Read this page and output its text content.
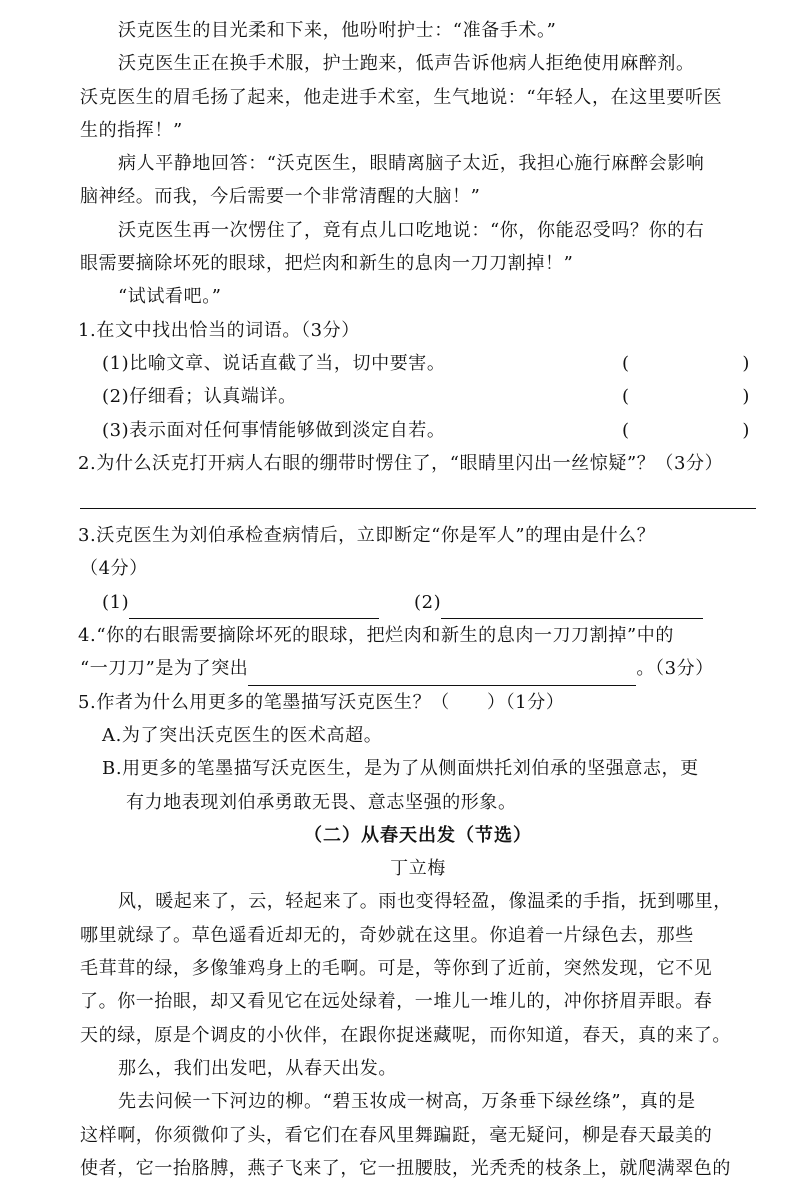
沃克医生的目光柔和下来，他吩咐护士：“准备手术。”
沃克医生正在换手术服，护士跑来，低声告诉他病人拒绝使用麻醉剂。
沃克医生的眉毛扬了起来，他走进手术室，生气地说：“年轻人，在这里要听医
生的指挥！”
病人平静地回答：“沃克医生，眼睛离脑子太近，我担心施行麻醉会影响
脑神经。而我，今后需要一个非常清醒的大脑！”
沃克医生再一次愣住了，竟有点儿口吃地说：“你，你能忍受吗？你的右
眼需要摘除坏死的眼球，把烂肉和新生的息肉一刀刀割掉！”
“试试看吧。”
1.在文中找出恰当的词语。（3分）
(1)比喻文章、说话直截了当，切中要害。	(	)
(2)仔细看；认真端详。	(	)
(3)表示面对任何事情能够做到淡定自若。	(	)
2.为什么沃克打开病人右眼的绷带时愣住了，“眼睛里闪出一丝惊疑”？（3分）
3.沃克医生为刘伯承检查病情后，立即断定“你是军人”的理由是什么？
（4分）
(1)	(2)
4.“你的右眼需要摘除坏死的眼球，把烂肉和新生的息肉一刀刀割掉”中的
“一刀刀”是为了突出	。（3分）
5.作者为什么用更多的笔墨描写沃克医生？（　　）（1分）
A.为了突出沃克医生的医术高超。
B.用更多的笔墨描写沃克医生，是为了从侧面烘托刘伯承的坚强意志，更
有力地表现刘伯承勇敢无畏、意志坚强的形象。
（二）从春天出发（节选）
丁立梅
风，暖起来了，云，轻起来了。雨也变得轻盈，像温柔的手指，抚到哪里，
哪里就绿了。草色遥看近却无的，奇妙就在这里。你追着一片绿色去，那些
毛茸茸的绿，多像雏鸡身上的毛啊。可是，等你到了近前，突然发现，它不见
了。你一抬眼，却又看见它在远处绿着，一堆儿一堆儿的，冲你挤眉弄眼。春
天的绿，原是个调皮的小伙伴，在跟你捉迷藏呢，而你知道，春天，真的来了。
那么，我们出发吧，从春天出发。
先去问候一下河边的柳。“碧玉妆成一树高，万条垂下绿丝绦”，真的是
这样啊，你须微仰了头，看它们在春风里舞蹁跹，毫无疑问，柳是春天最美的
使者，它一抬胳膊，燕子飞来了，它一扭腰肢，光秃秃的枝条上，就爬满翠色的
